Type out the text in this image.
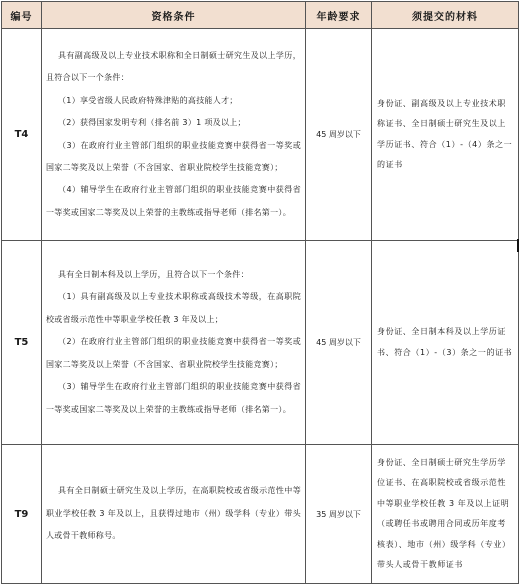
编号	资格条件	年龄要求	须提交的材料
T4	具有副高级及以上专业技术职称和全日制硕士研究生及以上学历，且符合以下一个条件：

（1）享受省级人民政府特殊津贴的高技能人才；

（2）获得国家发明专利（排名前 3）1 项及以上；

（3）在政府行业主管部门组织的职业技能竞赛中获得省一等奖或国家二等奖及以上荣誉（不含国家、省职业院校学生技能竞赛）；

（4）辅导学生在政府行业主管部门组织的职业技能竞赛中获得省一等奖或国家二等奖及以上荣誉的主教练或指导老师（排名第一）。	45 周岁以下	身份证、副高级及以上专业技术职称证书、全日制硕士研究生及以上学历证书、符合（1）-（4）条之一的证书
T5	具有全日制本科及以上学历，且符合以下一个条件：

（1）具有副高级及以上专业技术职称或高级技术等级，在高职院校或省级示范性中等职业学校任教 3 年及以上；

（2）在政府行业主管部门组织的职业技能竞赛中获得省一等奖或国家二等奖及以上荣誉（不含国家、省职业院校学生技能竞赛）；

（3）辅导学生在政府行业主管部门组织的职业技能竞赛中获得省一等奖或国家二等奖及以上荣誉的主教练或指导老师（排名第一）。	45 周岁以下	身份证、全日制本科及以上学历证书、符合（1）-（3）条之一的证书
T9	具有全日制硕士研究生及以上学历，在高职院校或省级示范性中等职业学校任教 3 年及以上，且获得过地市（州）级学科（专业）带头人或骨干教师称号。	35 周岁以下	身份证、全日制硕士研究生学历学位证书、在高职院校或省级示范性中等职业学校任教 3 年及以上证明（或聘任书或聘用合同或历年度考核表）、地市（州）级学科（专业）带头人或骨干教师证书
